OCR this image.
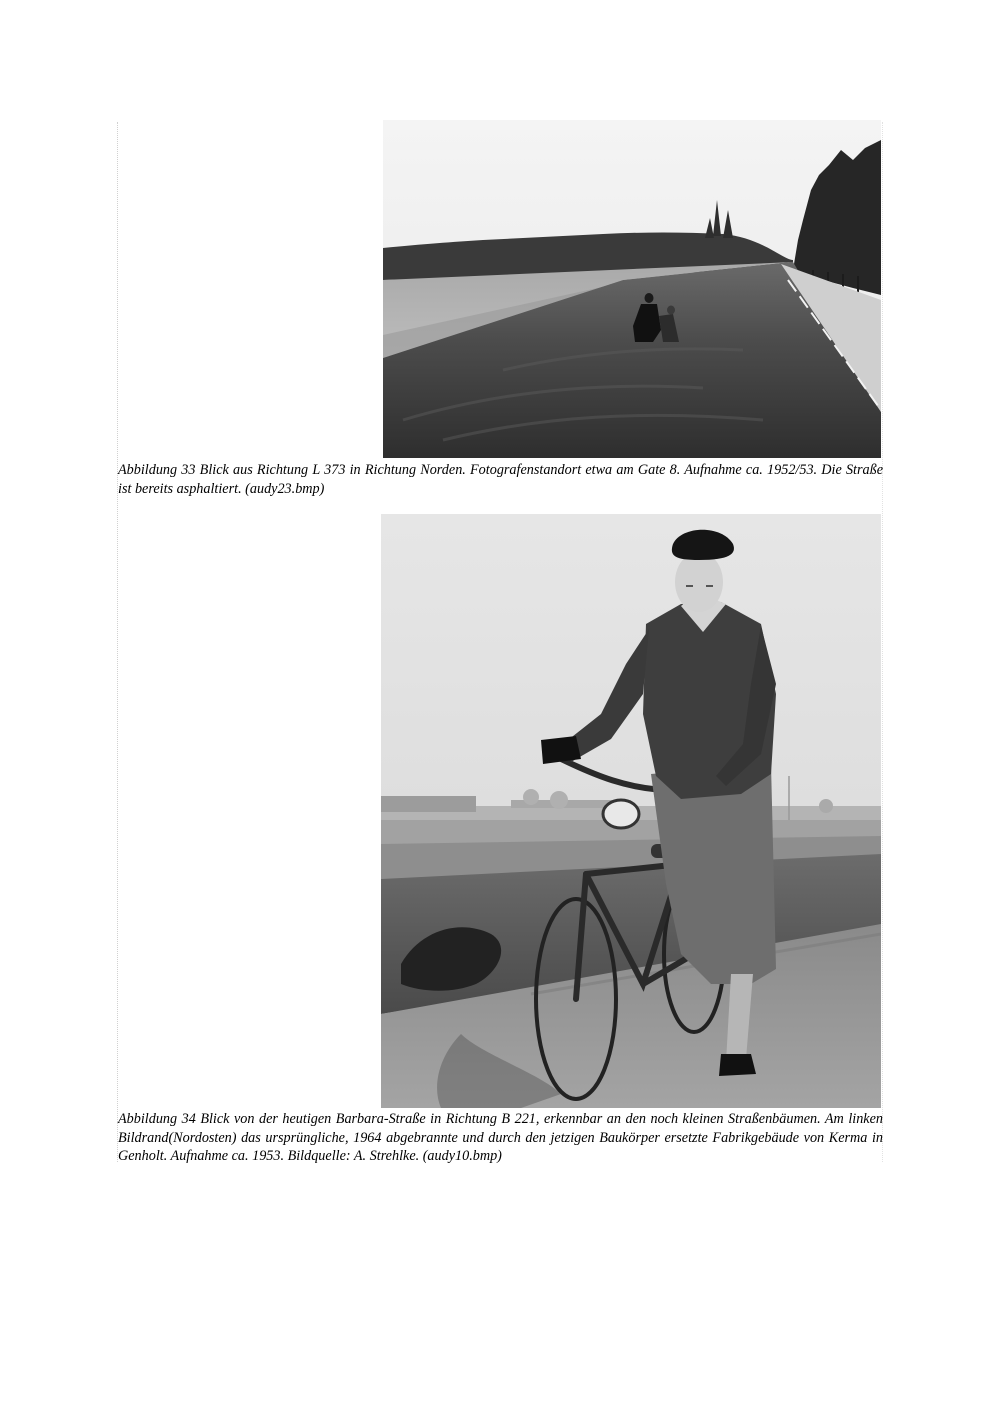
Abbildung 33 Blick aus Richtung L 373 in Richtung Norden. Fotografenstandort etwa am Gate 8. Aufnahme ca. 1952/53. Die Straße ist bereits asphaltiert. (audy23.bmp)

Abbildung 34 Blick von der heutigen Barbara-Straße in Richtung B 221, erkennbar an den noch kleinen Straßenbäumen. Am linken Bildrand(Nordosten) das ursprüngliche, 1964 abgebrannte und durch den jetzigen Baukörper ersetzte Fabrikgebäude von Kerma in Genholt. Aufnahme ca. 1953. Bildquelle: A. Strehlke. (audy10.bmp)
